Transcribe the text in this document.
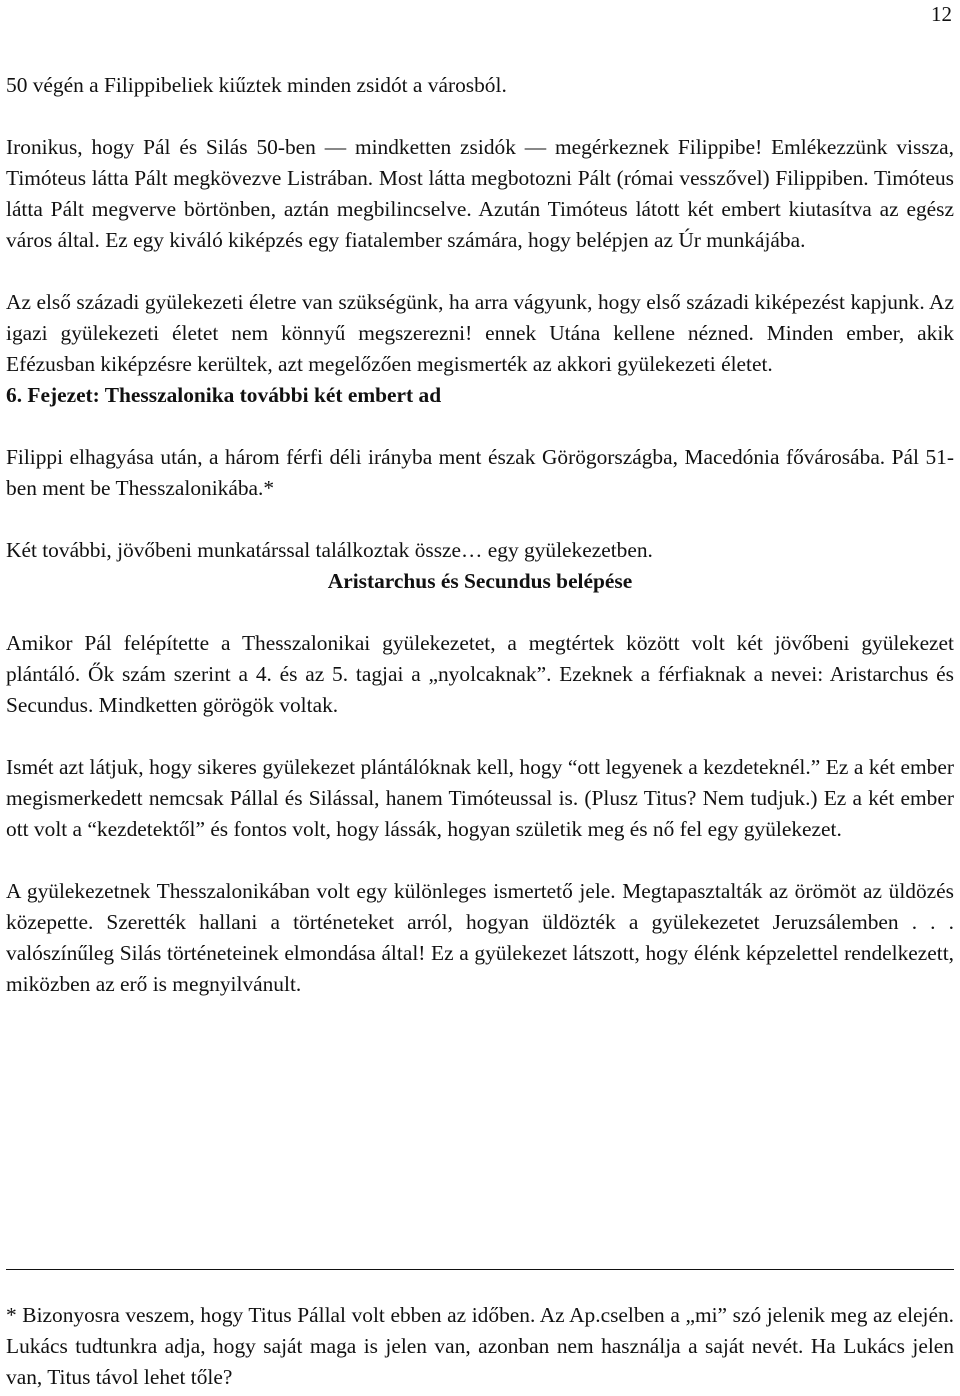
12

50 végén a Filippibeliek kiűztek minden zsidót a városból.

Ironikus, hogy Pál és Silás 50-ben — mindketten zsidók — megérkeznek Filippibe! Emlékezzünk vissza, Timóteus látta Pált megkövezve Listrában. Most látta megbotozni Pált (római vesszővel) Filippiben. Timóteus látta Pált megverve börtönben, aztán megbilincselve. Azután Timóteus látott két embert kiutasítva az egész város által. Ez egy kiváló kiképzés egy fiatalember számára, hogy belépjen az Úr munkájába.

Az első századi gyülekezeti életre van szükségünk, ha arra vágyunk, hogy első századi kiképezést kapjunk. Az igazi gyülekezeti életet nem könnyű megszerezni! ennek Utána kellene nézned. Minden ember, akik Efézusban kiképzésre kerültek, azt megelőzően megismerték az akkori gyülekezeti életet.

6. Fejezet: Thesszalonika további két embert ad

Filippi elhagyása után, a három férfi déli irányba ment észak Görögországba, Macedónia fővárosába. Pál 51-ben ment be Thesszalonikába.*

Két további, jövőbeni munkatárssal találkoztak össze… egy gyülekezetben.

Aristarchus és Secundus belépése

Amikor Pál felépítette a Thesszalonikai gyülekezetet, a megtértek között volt két jövőbeni gyülekezet plántáló. Ők szám szerint a 4. és az 5. tagjai a „nyolcaknak”. Ezeknek a férfiaknak a nevei: Aristarchus és Secundus. Mindketten görögök voltak.

Ismét azt látjuk, hogy sikeres gyülekezet plántálóknak kell, hogy “ott legyenek a kezdeteknél.” Ez a két ember megismerkedett nemcsak Pállal és Silással, hanem Timóteussal is. (Plusz Titus? Nem tudjuk.) Ez a két ember ott volt a “kezdetektől” és fontos volt, hogy lássák, hogyan születik meg és nő fel egy gyülekezet.

A gyülekezetnek Thesszalonikában volt egy különleges ismertető jele. Megtapasztalták az örömöt az üldözés közepette. Szerették hallani a történeteket arról, hogyan üldözték a gyülekezetet Jeruzsálemben . . . valószínűleg Silás történeteinek elmondása által! Ez a gyülekezet látszott, hogy élénk képzelettel rendelkezett, miközben az erő is megnyilvánult.

* Bizonyosra veszem, hogy Titus Pállal volt ebben az időben. Az Ap.cselben a „mi” szó jelenik meg az elején. Lukács tudtunkra adja, hogy saját maga is jelen van, azonban nem használja a saját nevét. Ha Lukács jelen van, Titus távol lehet tőle?
